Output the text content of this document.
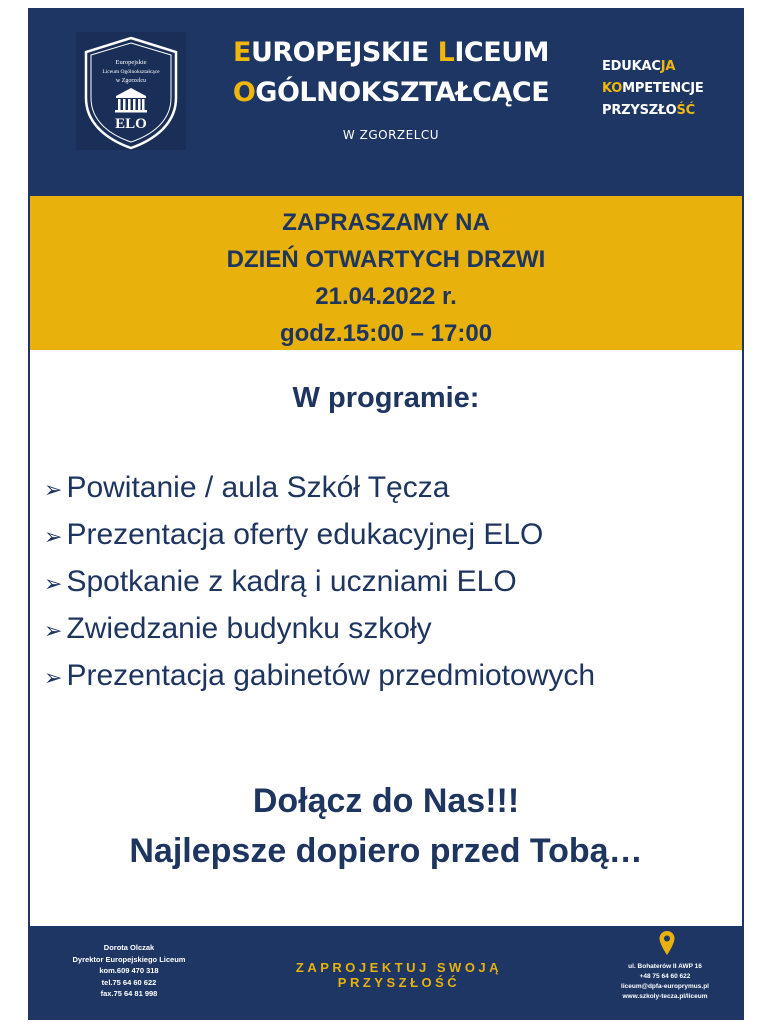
Europejskie
Liceum Ogólnokształcące
w Zgorzelcu
ELO
EUROPEJSKIE LICEUM
OGÓLNOKSZTAŁCĄCE
W ZGORZELCU
EDUKACJA
KOMPETENCJE
PRZYSZŁOŚĆ
ZAPRASZAMY NA
DZIEŃ OTWARTYCH DRZWI
21.04.2022 r.
godz.15:00 – 17:00
W programie:
➢ Powitanie / aula Szkół Tęcza
➢ Prezentacja oferty edukacyjnej ELO
➢ Spotkanie z kadrą i uczniami ELO
➢ Zwiedzanie budynku szkoły
➢ Prezentacja gabinetów przedmiotowych
Dołącz do Nas!!!
Najlepsze dopiero przed Tobą…
Dorota Olczak
Dyrektor Europejskiego Liceum
kom.609 470 318
tel.75 64 60 622
fax.75 64 81 998
ZAPROJEKTUJ SWOJĄ PRZYSZŁOŚĆ
ul. Bohaterów II AWP 16
+48 75 64 60 622
liceum@dpfa-europrymus.pl
www.szkoly-tecza.pl/liceum
